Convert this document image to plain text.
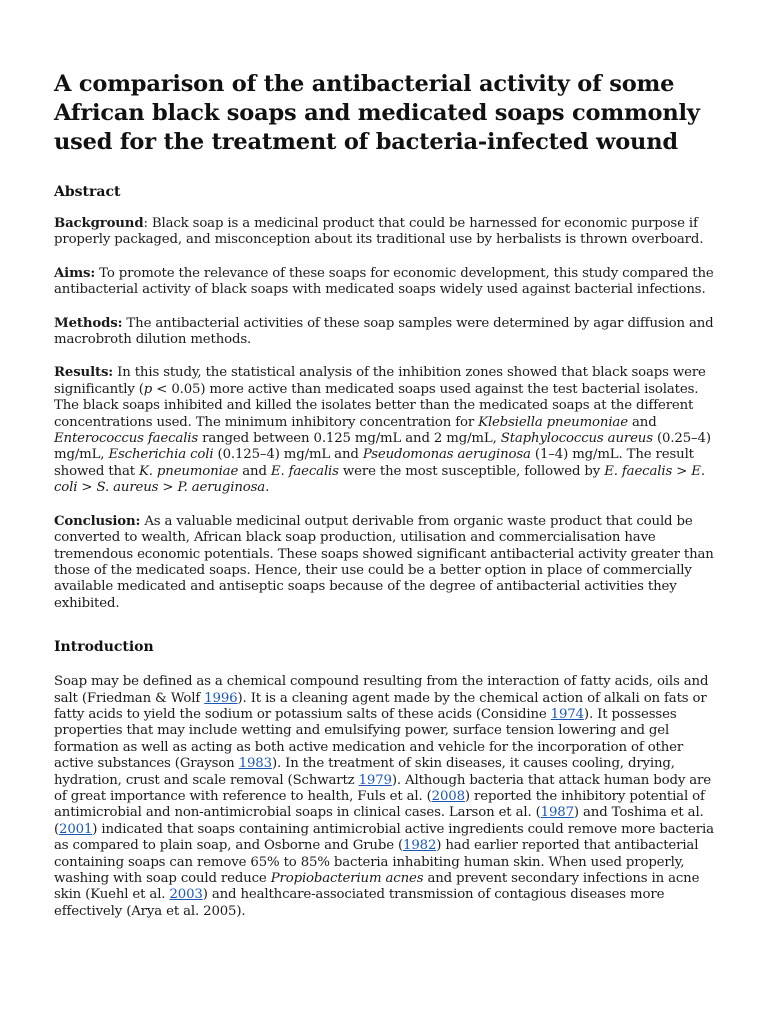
A comparison of the antibacterial activity of some African black soaps and medicated soaps commonly used for the treatment of bacteria-infected wound
Abstract

Background: Black soap is a medicinal product that could be harnessed for economic purpose if properly packaged, and misconception about its traditional use by herbalists is thrown overboard.

Aims: To promote the relevance of these soaps for economic development, this study compared the antibacterial activity of black soaps with medicated soaps widely used against bacterial infections.

Methods: The antibacterial activities of these soap samples were determined by agar diffusion and macrobroth dilution methods.

Results: In this study, the statistical analysis of the inhibition zones showed that black soaps were significantly (p < 0.05) more active than medicated soaps used against the test bacterial isolates. The black soaps inhibited and killed the isolates better than the medicated soaps at the different concentrations used. The minimum inhibitory concentration for Klebsiella pneumoniae and Enterococcus faecalis ranged between 0.125 mg/mL and 2 mg/mL, Staphylococcus aureus (0.25–4) mg/mL, Escherichia coli (0.125–4) mg/mL and Pseudomonas aeruginosa (1–4) mg/mL. The result showed that K. pneumoniae and E. faecalis were the most susceptible, followed by E. faecalis > E. coli > S. aureus > P. aeruginosa.

Conclusion: As a valuable medicinal output derivable from organic waste product that could be converted to wealth, African black soap production, utilisation and commercialisation have tremendous economic potentials. These soaps showed significant antibacterial activity greater than those of the medicated soaps. Hence, their use could be a better option in place of commercially available medicated and antiseptic soaps because of the degree of antibacterial activities they exhibited.

Introduction

Soap may be defined as a chemical compound resulting from the interaction of fatty acids, oils and salt (Friedman & Wolf 1996). It is a cleaning agent made by the chemical action of alkali on fats or fatty acids to yield the sodium or potassium salts of these acids (Considine 1974). It possesses properties that may include wetting and emulsifying power, surface tension lowering and gel formation as well as acting as both active medication and vehicle for the incorporation of other active substances (Grayson 1983). In the treatment of skin diseases, it causes cooling, drying, hydration, crust and scale removal (Schwartz 1979). Although bacteria that attack human body are of great importance with reference to health, Fuls et al. (2008) reported the inhibitory potential of antimicrobial and non-antimicrobial soaps in clinical cases. Larson et al. (1987) and Toshima et al. (2001) indicated that soaps containing antimicrobial active ingredients could remove more bacteria as compared to plain soap, and Osborne and Grube (1982) had earlier reported that antibacterial containing soaps can remove 65% to 85% bacteria inhabiting human skin. When used properly, washing with soap could reduce Propiobacterium acnes and prevent secondary infections in acne skin (Kuehl et al. 2003) and healthcare-associated transmission of contagious diseases more effectively (Arya et al. 2005).
